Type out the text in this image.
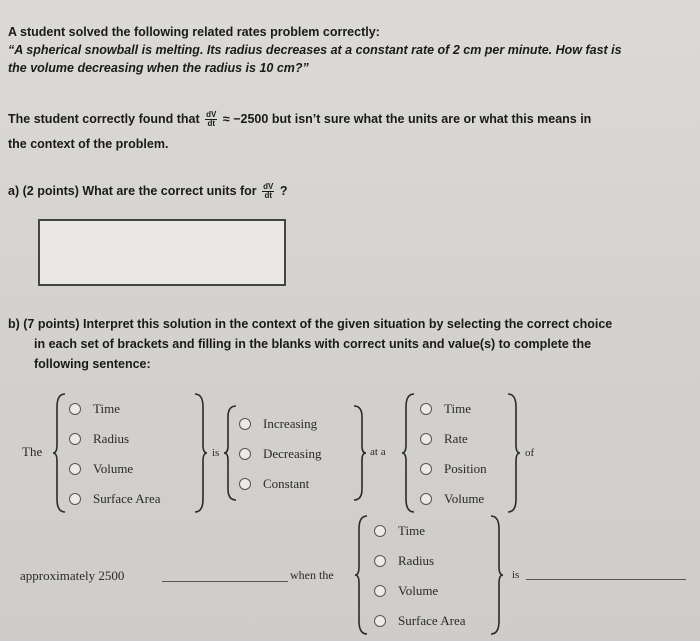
A student solved the following related rates problem correctly:
“A spherical snowball is melting. Its radius decreases at a constant rate of 2 cm per minute. How fast is
the volume decreasing when the radius is 10 cm?”
The student correctly found that $\frac{dV}{dt} \approx -2500$ but isn’t sure what the units are or what this means in
the context of the problem.
a) (2 points) What are the correct units for $\frac{dV}{dt}$ ?
b) (7 points) Interpret this solution in the context of the given situation by selecting the correct choice
in each set of brackets and filling in the blanks with correct units and value(s) to complete the
following sentence:
The
Time
Radius
Volume
Surface Area
is
Increasing
Decreasing
Constant
at a
Time
Rate
Position
Volume
of
approximately 2500	when the
Time
Radius
Volume
Surface Area
is
